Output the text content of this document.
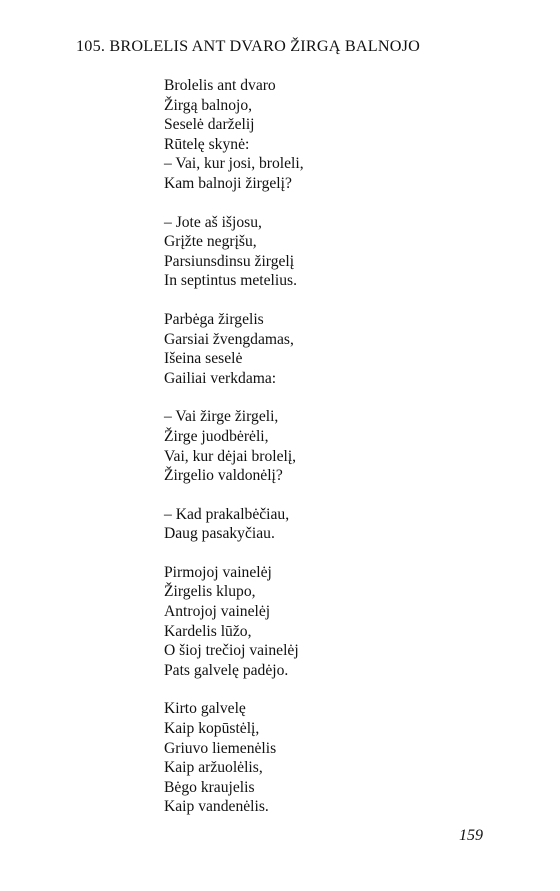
105. BROLELIS ANT DVARO ŽIRGĄ BALNOJO
Brolelis ant dvaro
Žirgą balnojo,
Seselė darželij
Rūtelę skynė:
– Vai, kur josi, broleli,
Kam balnoji žirgelį?
– Jote aš išjosu,
Grįžte negrįšu,
Parsiunsdinsu žirgelį
In septintus metelius.
Parbėga žirgelis
Garsiai žvengdamas,
Išeina seselė
Gailiai verkdama:
– Vai žirge žirgeli,
Žirge juodbėrėli,
Vai, kur dėjai brolelį,
Žirgelio valdonėlį?
– Kad prakalbėčiau,
Daug pasakyčiau.
Pirmojoj vainelėj
Žirgelis klupo,
Antrojoj vainelėj
Kardelis lūžo,
O šioj trečioj vainelėj
Pats galvelę padėjo.
Kirto galvelę
Kaip kopūstėlį,
Griuvo liemenėlis
Kaip aržuolėlis,
Bėgo kraujelis
Kaip vandenėlis.
159
